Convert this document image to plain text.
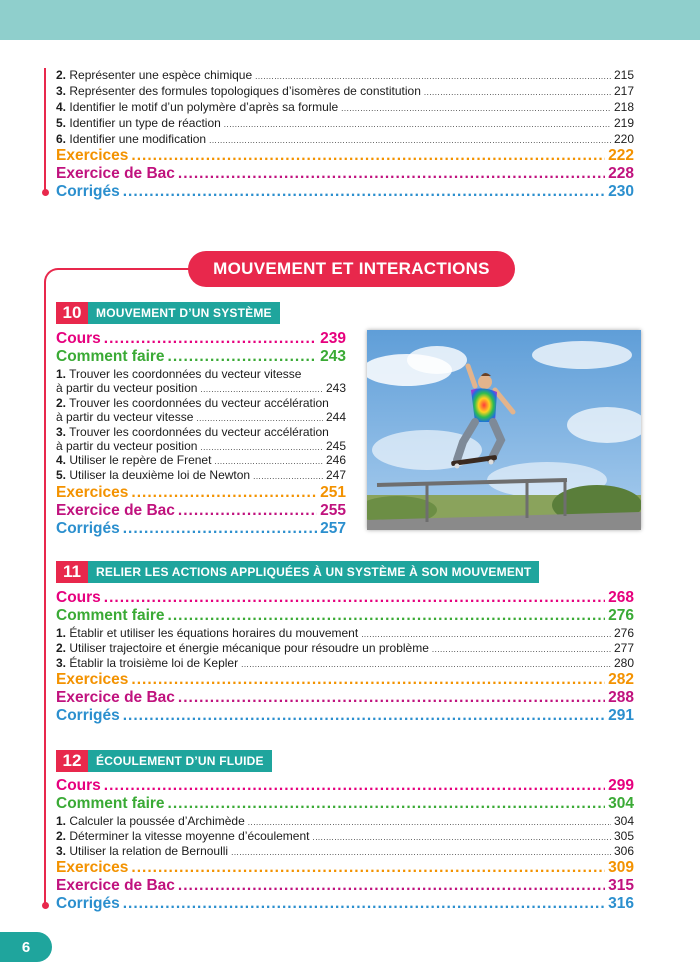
2. Représenter une espèce chimique .....	215
3. Représenter des formules topologiques d’isomères de constitution .....	217
4. Identifier le motif d’un polymère d’après sa formule .....	218
5. Identifier un type de réaction .....	219
6. Identifier une modification .....	220
Exercices .....	222
Exercice de Bac .....	228
Corrigés .....	230
MOUVEMENT ET INTERACTIONS
10	MOUVEMENT D’UN SYSTÈME
Cours .....	239
Comment faire .....	243
1. Trouver les coordonnées du vecteur vitesse
à partir du vecteur position .....	243
2. Trouver les coordonnées du vecteur accélération
à partir du vecteur vitesse .....	244
3. Trouver les coordonnées du vecteur accélération
à partir du vecteur position .....	245
4. Utiliser le repère de Frenet .....	246
5. Utiliser la deuxième loi de Newton .....	247
Exercices .....	251
Exercice de Bac .....	255
Corrigés .....	257
11	RELIER LES ACTIONS APPLIQUÉES À UN SYSTÈME À SON MOUVEMENT
Cours .....	268
Comment faire .....	276
1. Établir et utiliser les équations horaires du mouvement .....	276
2. Utiliser trajectoire et énergie mécanique pour résoudre un problème .....	277
3. Établir la troisième loi de Kepler .....	280
Exercices .....	282
Exercice de Bac .....	288
Corrigés .....	291
12	ÉCOULEMENT D’UN FLUIDE
Cours .....	299
Comment faire .....	304
1. Calculer la poussée d’Archimède .....	304
2. Déterminer la vitesse moyenne d’écoulement .....	305
3. Utiliser la relation de Bernoulli .....	306
Exercices .....	309
Exercice de Bac .....	315
Corrigés .....	316
6
